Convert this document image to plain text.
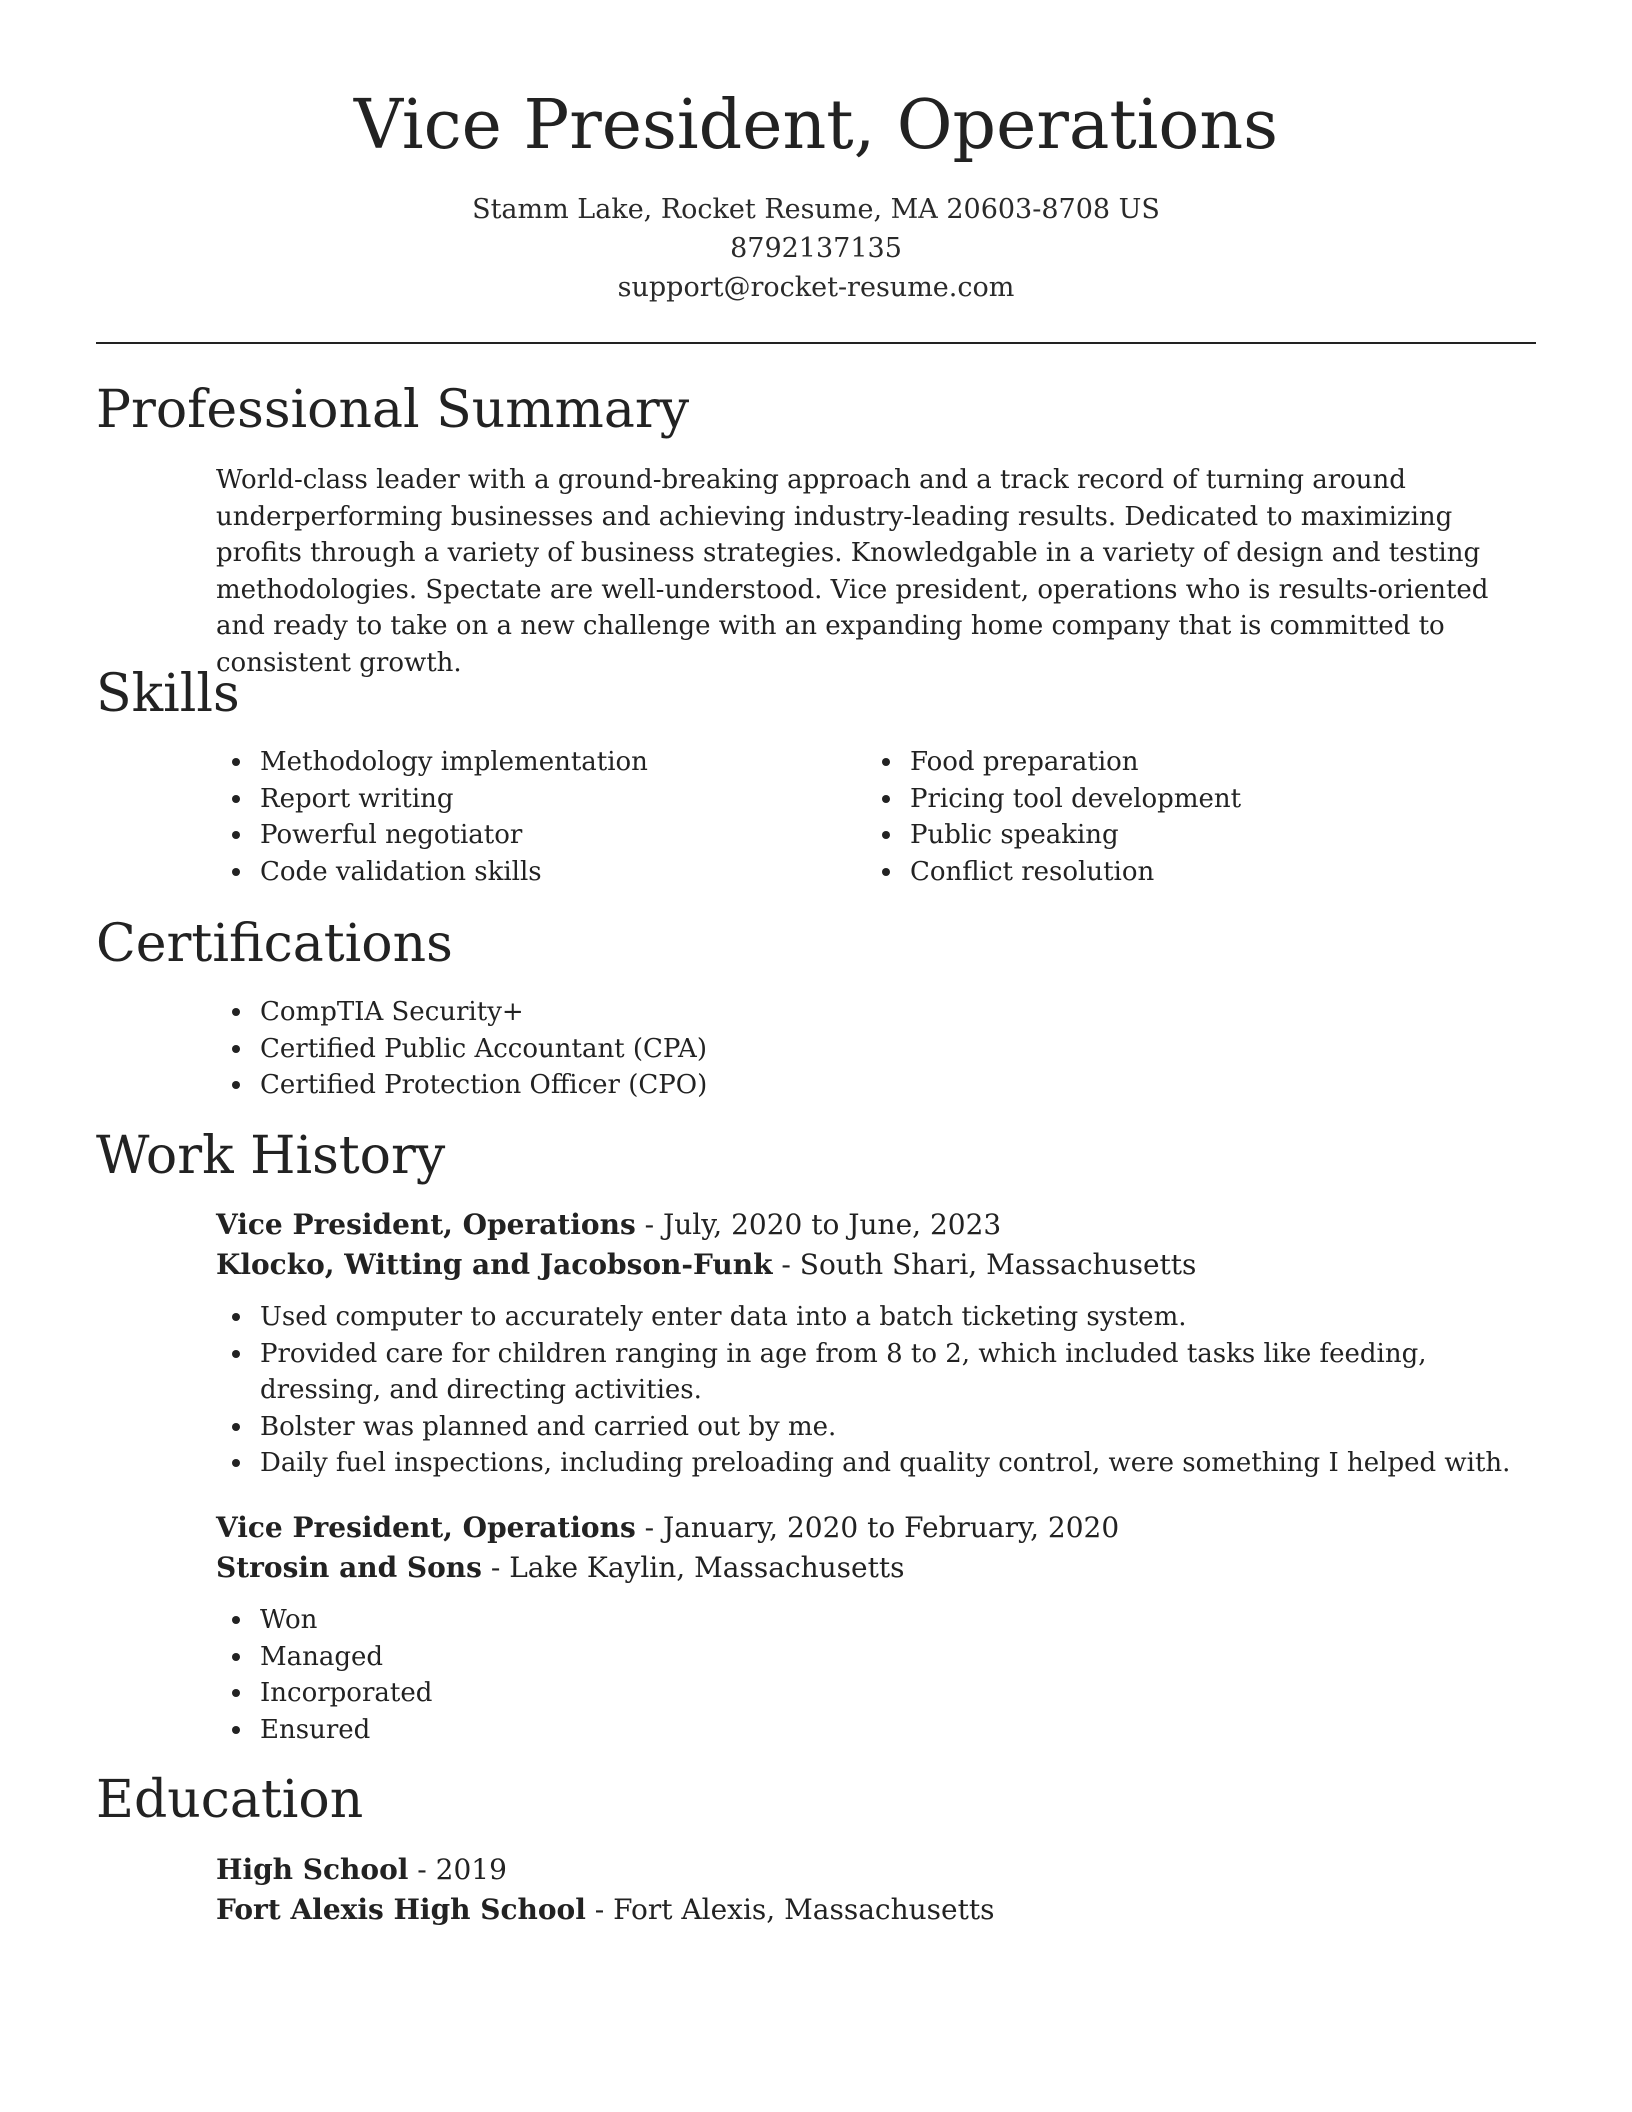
Vice President, Operations
Stamm Lake, Rocket Resume, MA 20603-8708 US
8792137135
support@rocket-resume.com
Professional Summary
World-class leader with a ground-breaking approach and a track record of turning around underperforming businesses and achieving industry-leading results. Dedicated to maximizing profits through a variety of business strategies. Knowledgable in a variety of design and testing methodologies. Spectate are well-understood. Vice president, operations who is results-oriented and ready to take on a new challenge with an expanding home company that is committed to consistent growth.
Skills
Methodology implementation
Report writing
Powerful negotiator
Code validation skills
Food preparation
Pricing tool development
Public speaking
Conflict resolution
Certifications
CompTIA Security+
Certified Public Accountant (CPA)
Certified Protection Officer (CPO)
Work History
Vice President, Operations - July, 2020 to June, 2023
Klocko, Witting and Jacobson-Funk - South Shari, Massachusetts
Used computer to accurately enter data into a batch ticketing system.
Provided care for children ranging in age from 8 to 2, which included tasks like feeding, dressing, and directing activities.
Bolster was planned and carried out by me.
Daily fuel inspections, including preloading and quality control, were something I helped with.
Vice President, Operations - January, 2020 to February, 2020
Strosin and Sons - Lake Kaylin, Massachusetts
Won
Managed
Incorporated
Ensured
Education
High School - 2019
Fort Alexis High School - Fort Alexis, Massachusetts
